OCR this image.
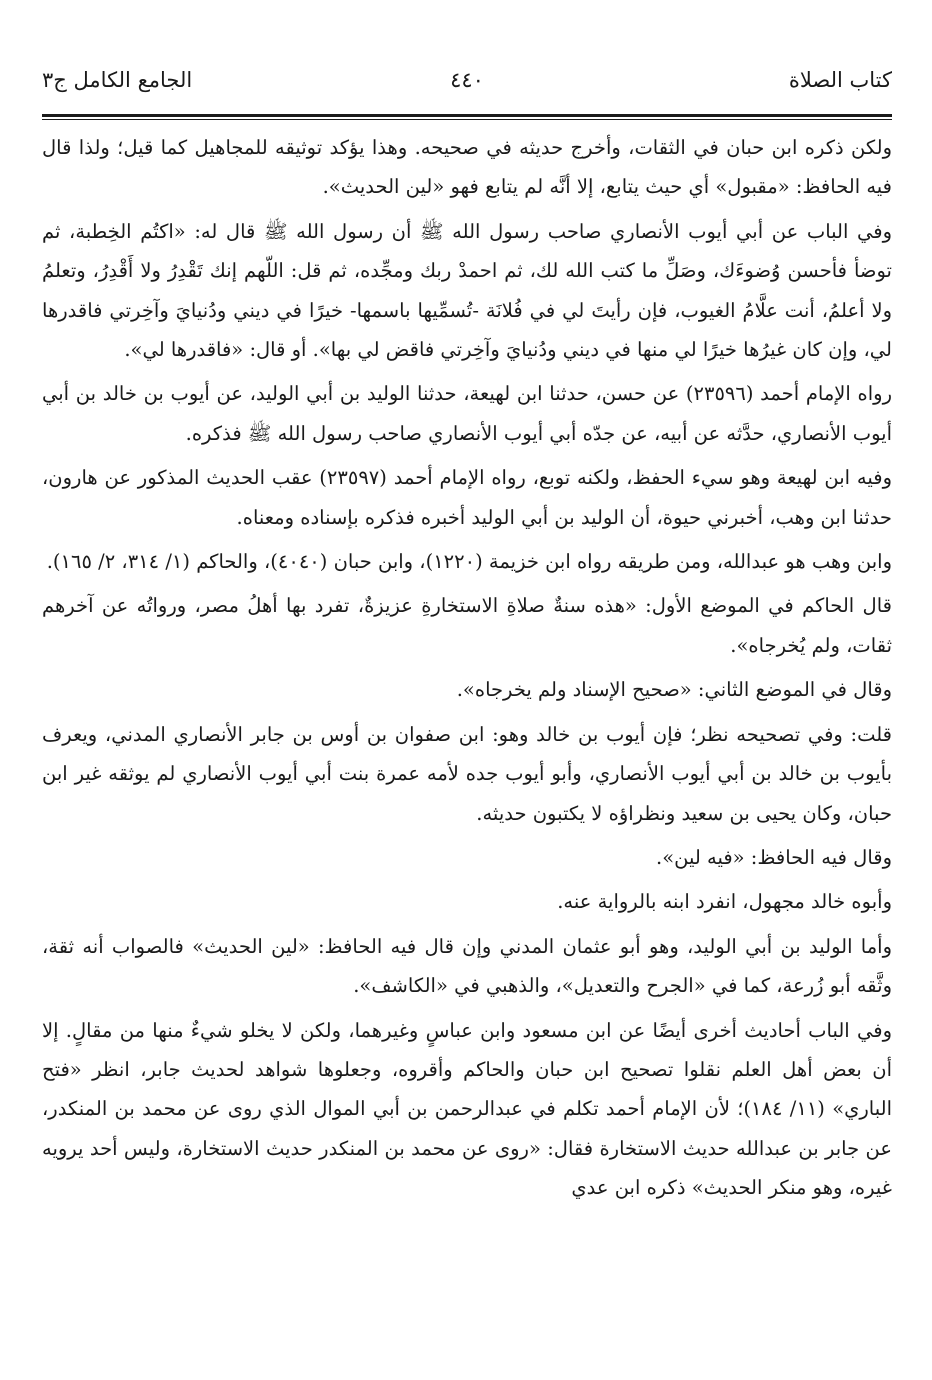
كتاب الصلاة
٤٤٠
الجامع الكامل ج٣

ولكن ذكره ابن حبان في الثقات، وأخرج حديثه في صحيحه. وهذا يؤكد توثيقه للمجاهيل كما قيل؛ ولذا قال فيه الحافظ: «مقبول» أي حيث يتابع، إلا أنَّه لم يتابع فهو «لين الحديث».

وفي الباب عن أبي أيوب الأنصاري صاحب رسول الله ﷺ أن رسول الله ﷺ قال له: «اكتُم الخِطبة، ثم توضأ فأحسن وُضوءَك، وصَلِّ ما كتب الله لك، ثم احمدْ ربك ومجِّده، ثم قل: اللّهم إنك تَقْدِرُ ولا أَقْدِرُ، وتعلمُ ولا أعلمُ، أنت علَّامُ الغيوب، فإن رأيتَ لي في فُلانَة -تُسمِّيها باسمها- خيرًا في ديني ودُنيايَ وآخِرتي فاقدرها لي، وإن كان غيرُها خيرًا لي منها في ديني ودُنيايَ وآخِرتي فاقض لي بها». أو قال: «فاقدرها لي».

رواه الإمام أحمد (٢٣٥٩٦) عن حسن، حدثنا ابن لهيعة، حدثنا الوليد بن أبي الوليد، عن أيوب بن خالد بن أبي أيوب الأنصاري، حدَّثه عن أبيه، عن جدّه أبي أيوب الأنصاري صاحب رسول الله ﷺ فذكره.

وفيه ابن لهيعة وهو سيء الحفظ، ولكنه توبع، رواه الإمام أحمد (٢٣٥٩٧) عقب الحديث المذكور عن هارون، حدثنا ابن وهب، أخبرني حيوة، أن الوليد بن أبي الوليد أخبره فذكره بإسناده ومعناه.

وابن وهب هو عبدالله، ومن طريقه رواه ابن خزيمة (١٢٢٠)، وابن حبان (٤٠٤٠)، والحاكم (١/ ٣١٤، ٢/ ١٦٥).

قال الحاكم في الموضع الأول: «هذه سنةٌ صلاةِ الاستخارةِ عزيزةٌ، تفرد بها أهلُ مصر، ورواتُه عن آخرهم ثقات، ولم يُخرجاه».

وقال في الموضع الثاني: «صحيح الإسناد ولم يخرجاه».

قلت: وفي تصحيحه نظر؛ فإن أيوب بن خالد وهو: ابن صفوان بن أوس بن جابر الأنصاري المدني، ويعرف بأيوب بن خالد بن أبي أيوب الأنصاري، وأبو أيوب جده لأمه عمرة بنت أبي أيوب الأنصاري لم يوثقه غير ابن حبان، وكان يحيى بن سعيد ونظراؤه لا يكتبون حديثه.

وقال فيه الحافظ: «فيه لين».

وأبوه خالد مجهول، انفرد ابنه بالرواية عنه.

وأما الوليد بن أبي الوليد، وهو أبو عثمان المدني وإن قال فيه الحافظ: «لين الحديث» فالصواب أنه ثقة، وثَّقه أبو زُرعة، كما في «الجرح والتعديل»، والذهبي في «الكاشف».

وفي الباب أحاديث أخرى أيضًا عن ابن مسعود وابن عباسٍ وغيرهما، ولكن لا يخلو شيءٌ منها من مقالٍ. إلا أن بعض أهل العلم نقلوا تصحيح ابن حبان والحاكم وأقروه، وجعلوها شواهد لحديث جابر، انظر «فتح الباري» (١١/ ١٨٤)؛ لأن الإمام أحمد تكلم في عبدالرحمن بن أبي الموال الذي روى عن محمد بن المنكدر، عن جابر بن عبدالله حديث الاستخارة فقال: «روى عن محمد بن المنكدر حديث الاستخارة، وليس أحد يرويه غيره، وهو منكر الحديث» ذكره ابن عدي
